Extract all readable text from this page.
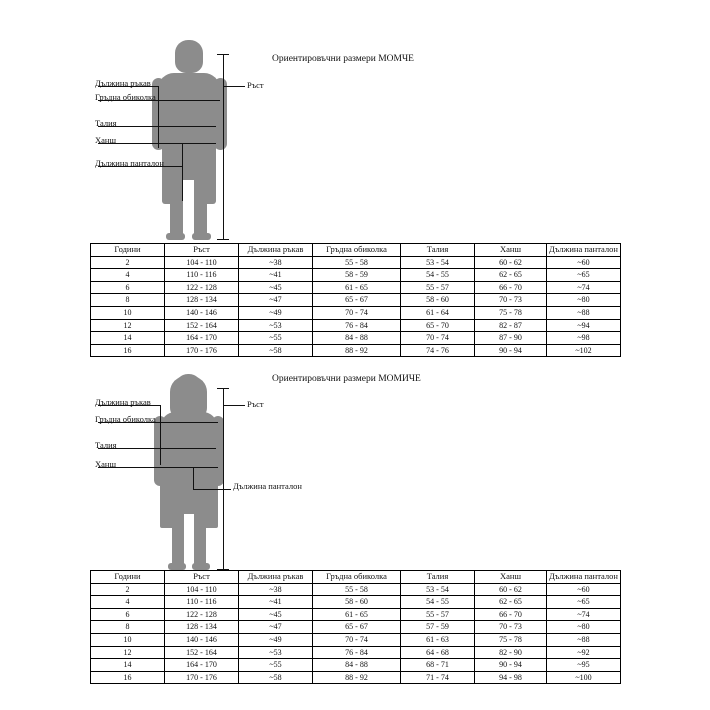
Ръст
Дължина ръкав
Гръдна обиколка
Талия
Ханш
Дължина панталон
Ориентировъчни размери МОМЧЕ
Години	Ръст	Дължина ръкав	Гръдна обиколка	Талия	Ханш	Дължина панталон
2	104 - 110	~38	55 - 58	53 - 54	60 - 62	~60
4	110 - 116	~41	58 - 59	54 - 55	62 - 65	~65
6	122 - 128	~45	61 - 65	55 - 57	66 - 70	~74
8	128 - 134	~47	65 - 67	58 - 60	70 - 73	~80
10	140 - 146	~49	70 - 74	61 - 64	75 - 78	~88
12	152 - 164	~53	76 - 84	65 - 70	82 - 87	~94
14	164 - 170	~55	84 - 88	70 - 74	87 - 90	~98
16	170 - 176	~58	88 - 92	74 - 76	90 - 94	~102
Ръст
Дължина ръкав
Гръдна обиколка
Талия
Ханш
Дължина панталон
Ориентировъчни размери МОМИЧЕ
Години	Ръст	Дължина ръкав	Гръдна обиколка	Талия	Ханш	Дължина панталон
2	104 - 110	~38	55 - 58	53 - 54	60 - 62	~60
4	110 - 116	~41	58 - 60	54 - 55	62 - 65	~65
6	122 - 128	~45	61 - 65	55 - 57	66 - 70	~74
8	128 - 134	~47	65 - 67	57 - 59	70 - 73	~80
10	140 - 146	~49	70 - 74	61 - 63	75 - 78	~88
12	152 - 164	~53	76 - 84	64 - 68	82 - 90	~92
14	164 - 170	~55	84 - 88	68 - 71	90 - 94	~95
16	170 - 176	~58	88 - 92	71 - 74	94 - 98	~100
